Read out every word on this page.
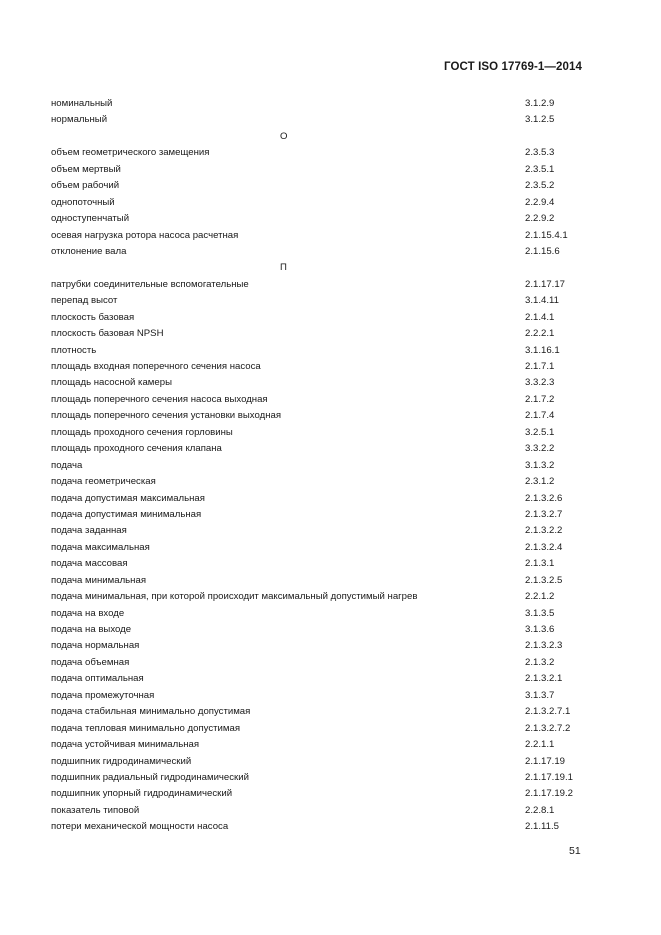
ГОСТ ISO 17769-1—2014
номинальный	3.1.2.9
нормальный	3.1.2.5
О
объем геометрического замещения	2.3.5.3
объем мертвый	2.3.5.1
объем рабочий	2.3.5.2
однопоточный	2.2.9.4
одноступенчатый	2.2.9.2
осевая нагрузка ротора насоса расчетная	2.1.15.4.1
отклонение вала	2.1.15.6
П
патрубки соединительные вспомогательные	2.1.17.17
перепад высот	3.1.4.11
плоскость базовая	2.1.4.1
плоскость базовая NPSH	2.2.2.1
плотность	3.1.16.1
площадь входная поперечного сечения насоса	2.1.7.1
площадь насосной камеры	3.3.2.3
площадь поперечного сечения насоса выходная	2.1.7.2
площадь поперечного сечения установки выходная	2.1.7.4
площадь проходного сечения горловины	3.2.5.1
площадь проходного сечения клапана	3.3.2.2
подача	3.1.3.2
подача геометрическая	2.3.1.2
подача допустимая максимальная	2.1.3.2.6
подача допустимая минимальная	2.1.3.2.7
подача заданная	2.1.3.2.2
подача максимальная	2.1.3.2.4
подача массовая	2.1.3.1
подача минимальная	2.1.3.2.5
подача минимальная, при которой происходит максимальный допустимый нагрев	2.2.1.2
подача на входе	3.1.3.5
подача на выходе	3.1.3.6
подача нормальная	2.1.3.2.3
подача объемная	2.1.3.2
подача оптимальная	2.1.3.2.1
подача промежуточная	3.1.3.7
подача стабильная минимально допустимая	2.1.3.2.7.1
подача тепловая минимально допустимая	2.1.3.2.7.2
подача устойчивая минимальная	2.2.1.1
подшипник гидродинамический	2.1.17.19
подшипник радиальный гидродинамический	2.1.17.19.1
подшипник упорный гидродинамический	2.1.17.19.2
показатель типовой	2.2.8.1
потери механической мощности насоса	2.1.11.5
51
